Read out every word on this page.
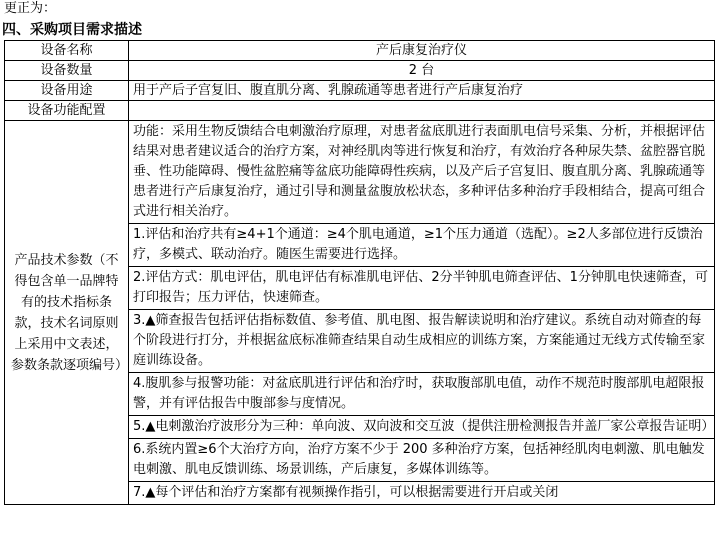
更正为：
四、采购项目需求描述
设备名称	产后康复治疗仪
设备数量	2 台
设备用途	用于产后子宫复旧、腹直肌分离、乳腺疏通等患者进行产后康复治疗
设备功能配置	
产品技术参数（不得包含单一品牌特有的技术指标条款，技术名词原则上采用中文表述，参数条款逐项编号）	功能：采用生物反馈结合电刺激治疗原理，对患者盆底肌进行表面肌电信号采集、分析，并根据评估结果对患者建议适合的治疗方案，对神经肌肉等进行恢复和治疗，有效治疗各种尿失禁、盆腔器官脱垂、性功能障碍、慢性盆腔痛等盆底功能障碍性疾病，以及产后子宫复旧、腹直肌分离、乳腺疏通等患者进行产后康复治疗，通过引导和测量盆腹放松状态，多种评估多种治疗手段相结合，提高可组合式进行相关治疗。
	1.评估和治疗共有≥4+1个通道：≥4个肌电通道，≥1个压力通道（选配）。≥2人多部位进行反馈治疗，多模式、联动治疗。随医生需要进行选择。
	2.评估方式：肌电评估，肌电评估有标准肌电评估、2分半钟肌电筛查评估、1分钟肌电快速筛查，可打印报告；压力评估，快速筛查。
	3.▲筛查报告包括评估指标数值、参考值、肌电图、报告解读说明和治疗建议。系统自动对筛查的每个阶段进行打分，并根据盆底标准筛查结果自动生成相应的训练方案，方案能通过无线方式传输至家庭训练设备。
	4.腹肌参与报警功能：对盆底肌进行评估和治疗时，获取腹部肌电值，动作不规范时腹部肌电超限报警，并有评估报告中腹部参与度情况。
	5.▲电刺激治疗波形分为三种：单向波、双向波和交互波（提供注册检测报告并盖厂家公章报告证明）
	6.系统内置≥6个大治疗方向，治疗方案不少于 200 多种治疗方案，包括神经肌肉电刺激、肌电触发电刺激、肌电反馈训练、场景训练，产后康复，多媒体训练等。
	7.▲每个评估和治疗方案都有视频操作指引，可以根据需要进行开启或关闭
